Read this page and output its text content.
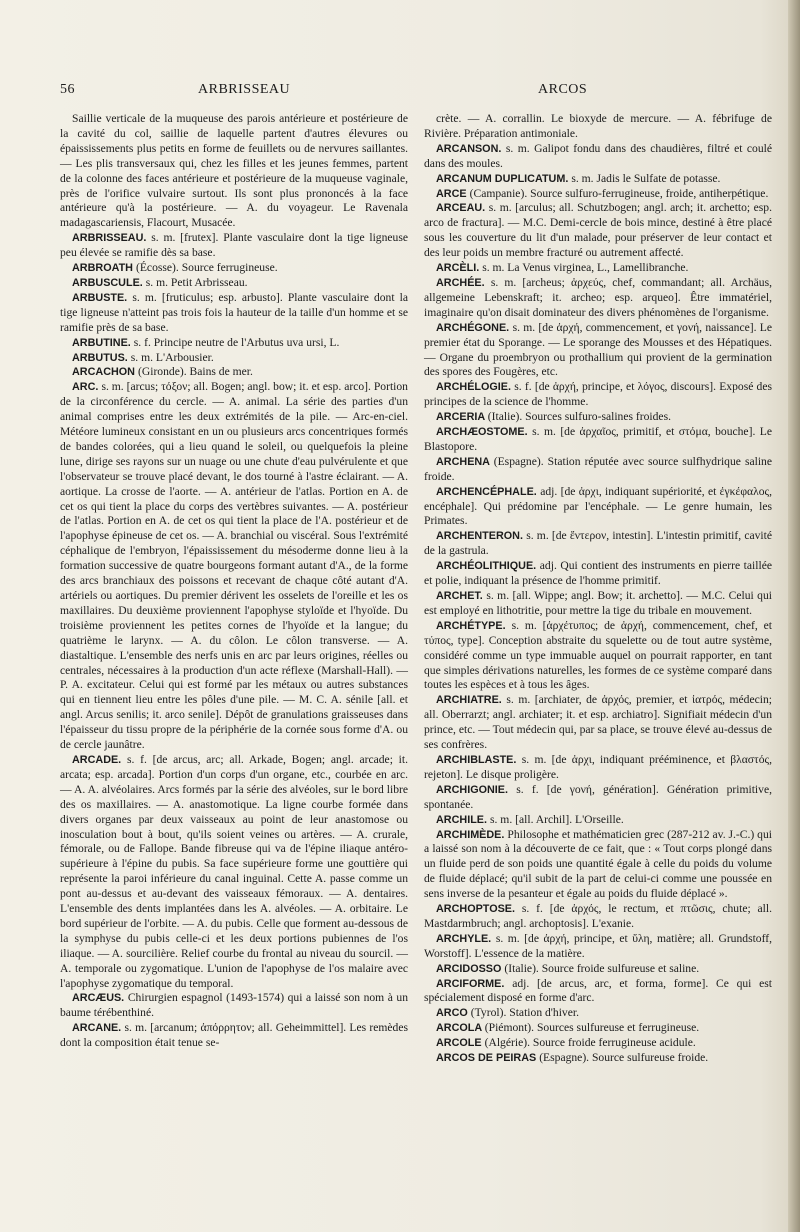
56	ARBRISSEAU	ARCOS

Saillie verticale de la muqueuse des parois antérieure et postérieure de la cavité du col, saillie de laquelle partent d'autres élevures ou épaississements plus petits en forme de feuillets ou de nervures saillantes. — Les plis transversaux qui, chez les filles et les jeunes femmes, partent de la colonne des faces antérieure et postérieure de la muqueuse vaginale, près de l'orifice vulvaire surtout. Ils sont plus prononcés à la face antérieure qu'à la postérieure. — A. du voyageur. Le Ravenala madagascariensis, Flacourt, Musacée.

ARBRISSEAU. s. m. [frutex]. Plante vasculaire dont la tige ligneuse peu élevée se ramifie dès sa base.

ARBROATH (Écosse). Source ferrugineuse.

ARBUSCULE. s. m. Petit Arbrisseau.

ARBUSTE. s. m. [fruticulus; esp. arbusto]. Plante vasculaire dont la tige ligneuse n'atteint pas trois fois la hauteur de la taille d'un homme et se ramifie près de sa base.

ARBUTINE. s. f. Principe neutre de l'Arbutus uva ursi, L.

ARBUTUS. s. m. L'Arbousier.

ARCACHON (Gironde). Bains de mer.

ARC. s. m. [arcus; τόξον; all. Bogen; angl. bow; it. et esp. arco]. Portion de la circonférence du cercle. — A. animal. La série des parties d'un animal comprises entre les deux extrémités de la pile. — Arc-en-ciel. Météore lumineux consistant en un ou plusieurs arcs concentriques formés de bandes colorées, qui a lieu quand le soleil, ou quelquefois la pleine lune, dirige ses rayons sur un nuage ou une chute d'eau pulvérulente et que l'observateur se trouve placé devant, le dos tourné à l'astre éclairant. — A. aortique. La crosse de l'aorte. — A. antérieur de l'atlas. Portion en A. de cet os qui tient la place du corps des vertèbres suivantes. — A. postérieur de l'atlas. Portion en A. de cet os qui tient la place de l'A. postérieur et de l'apophyse épineuse de cet os. — A. branchial ou viscéral. Sous l'extrémité céphalique de l'embryon, l'épaississement du mésoderme donne lieu à la formation successive de quatre bourgeons formant autant d'A., de la forme des arcs branchiaux des poissons et recevant de chaque côté autant d'A. artériels ou aortiques. Du premier dérivent les osselets de l'oreille et les os maxillaires. Du deuxième proviennent l'apophyse styloïde et l'hyoïde. Du troisième proviennent les petites cornes de l'hyoïde et la langue; du quatrième le larynx. — A. du côlon. Le côlon transverse. — A. diastaltique. L'ensemble des nerfs unis en arc par leurs origines, réelles ou centrales, nécessaires à la production d'un acte réflexe (Marshall-Hall). — P. A. excitateur. Celui qui est formé par les métaux ou autres substances qui en tiennent lieu entre les pôles d'une pile. — M. C. A. sénile [all. et angl. Arcus senilis; it. arco senile]. Dépôt de granulations graisseuses dans l'épaisseur du tissu propre de la périphérie de la cornée sous forme d'A. ou de cercle jaunâtre.

ARCADE. s. f. [de arcus, arc; all. Arkade, Bogen; angl. arcade; it. arcata; esp. arcada]. Portion d'un corps d'un organe, etc., courbée en arc. — A. A. alvéolaires. Arcs formés par la série des alvéoles, sur le bord libre des os maxillaires. — A. anastomotique. La ligne courbe formée dans divers organes par deux vaisseaux au point de leur anastomose ou inosculation bout à bout, qu'ils soient veines ou artères. — A. crurale, fémorale, ou de Fallope. Bande fibreuse qui va de l'épine iliaque antéro-supérieure à l'épine du pubis. Sa face supérieure forme une gouttière qui représente la paroi inférieure du canal inguinal. Cette A. passe comme un pont au-dessus et au-devant des vaisseaux fémoraux. — A. dentaires. L'ensemble des dents implantées dans les A. alvéoles. — A. orbitaire. Le bord supérieur de l'orbite. — A. du pubis. Celle que forment au-dessous de la symphyse du pubis celle-ci et les deux portions pubiennes de l'os iliaque. — A. sourcilière. Relief courbe du frontal au niveau du sourcil. — A. temporale ou zygomatique. L'union de l'apophyse de l'os malaire avec l'apophyse zygomatique du temporal.

ARCÆUS. Chirurgien espagnol (1493-1574) qui a laissé son nom à un baume térébenthiné.

ARCANE. s. m. [arcanum; ἀπόρρητον; all. Geheimmittel]. Les remèdes dont la composition était tenue se-

crète. — A. corrallin. Le bioxyde de mercure. — A. fébrifuge de Rivière. Préparation antimoniale.

ARCANSON. s. m. Galipot fondu dans des chaudières, filtré et coulé dans des moules.

ARCANUM DUPLICATUM. s. m. Jadis le Sulfate de potasse.

ARCE (Campanie). Source sulfuro-ferrugineuse, froide, antiherpétique.

ARCEAU. s. m. [arculus; all. Schutzbogen; angl. arch; it. archetto; esp. arco de fractura]. — M.C. Demi-cercle de bois mince, destiné à être placé sous les couverture du lit d'un malade, pour préserver de leur contact et des leur poids un membre fracturé ou autrement affecté.

ARCÈLI. s. m. La Venus virginea, L., Lamellibranche.

ARCHÉE. s. m. [archeus; ἀρχεύς, chef, commandant; all. Archäus, allgemeine Lebenskraft; it. archeo; esp. arqueo]. Être immatériel, imaginaire qu'on disait dominateur des divers phénomènes de l'organisme.

ARCHÉGONE. s. m. [de ἀρχή, commencement, et γονή, naissance]. Le premier état du Sporange. — Le sporange des Mousses et des Hépatiques. — Organe du proembryon ou prothallium qui provient de la germination des spores des Fougères, etc.

ARCHÉLOGIE. s. f. [de ἀρχή, principe, et λόγος, discours]. Exposé des principes de la science de l'homme.

ARCERIA (Italie). Sources sulfuro-salines froides.

ARCHÆOSTOME. s. m. [de ἀρχαῖος, primitif, et στόμα, bouche]. Le Blastopore.

ARCHENA (Espagne). Station réputée avec source sulfhydrique saline froide.

ARCHENCÉPHALE. adj. [de ἀρχι, indiquant supériorité, et ἐγκέφαλος, encéphale]. Qui prédomine par l'encéphale. — Le genre humain, les Primates.

ARCHENTERON. s. m. [de ἔντερον, intestin]. L'intestin primitif, cavité de la gastrula.

ARCHÉOLITHIQUE. adj. Qui contient des instruments en pierre taillée et polie, indiquant la présence de l'homme primitif.

ARCHET. s. m. [all. Wippe; angl. Bow; it. archetto]. — M.C. Celui qui est employé en lithotritie, pour mettre la tige du tribale en mouvement.

ARCHÉTYPE. s. m. [ἀρχέτυπος; de ἀρχή, commencement, chef, et τύπος, type]. Conception abstraite du squelette ou de tout autre système, considéré comme un type immuable auquel on pourrait rapporter, en tant que simples dérivations naturelles, les formes de ce système comparé dans toutes les espèces et à tous les âges.

ARCHIATRE. s. m. [archiater, de ἀρχός, premier, et ἰατρός, médecin; all. Oberrarzt; angl. archiater; it. et esp. archiatro]. Signifiait médecin d'un prince, etc. — Tout médecin qui, par sa place, se trouve élevé au-dessus de ses confrères.

ARCHIBLASTE. s. m. [de ἀρχι, indiquant prééminence, et βλαστός, rejeton]. Le disque proligère.

ARCHIGONIE. s. f. [de γονή, génération]. Génération primitive, spontanée.

ARCHILE. s. m. [all. Archil]. L'Orseille.

ARCHIMÈDE. Philosophe et mathématicien grec (287-212 av. J.-C.) qui a laissé son nom à la découverte de ce fait, que : « Tout corps plongé dans un fluide perd de son poids une quantité égale à celle du poids du volume de fluide déplacé; qu'il subit de la part de celui-ci comme une poussée en sens inverse de la pesanteur et égale au poids du fluide déplacé ».

ARCHOPTOSE. s. f. [de ἀρχός, le rectum, et πτῶσις, chute; all. Mastdarmbruch; angl. archoptosis]. L'exanie.

ARCHYLE. s. m. [de ἀρχή, principe, et ὕλη, matière; all. Grundstoff, Worstoff]. L'essence de la matière.

ARCIDOSSO (Italie). Source froide sulfureuse et saline.

ARCIFORME. adj. [de arcus, arc, et forma, forme]. Ce qui est spécialement disposé en forme d'arc.

ARCO (Tyrol). Station d'hiver.

ARCOLA (Piémont). Sources sulfureuse et ferrugineuse.

ARCOLE (Algérie). Source froide ferrugineuse acidule.

ARCOS DE PEIRAS (Espagne). Source sulfureuse froide.
